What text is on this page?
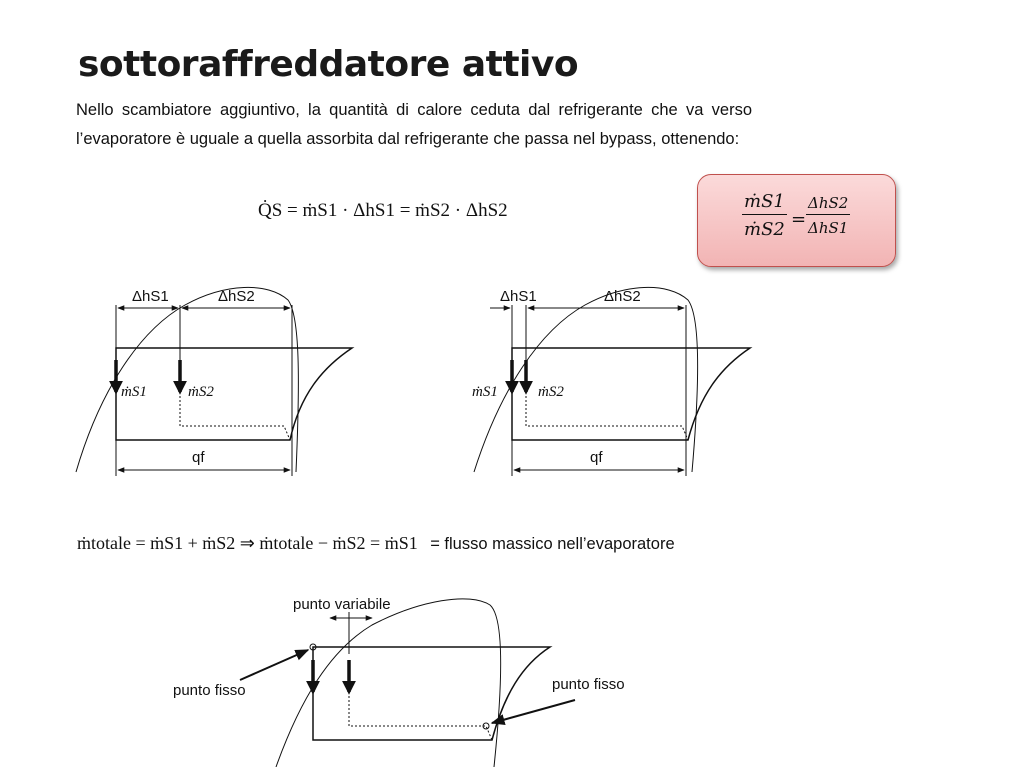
sottoraffreddatore attivo

Nello scambiatore aggiuntivo, la quantità di calore ceduta dal refrigerante che va verso l’evaporatore è uguale a quella assorbita dal refrigerante che passa nel bypass, ottenendo:

Q̇S = ṁS1 · ΔhS1 = ṁS2 · ΔhS2	$\frac{\text{ṁS1}}{\text{ṁS2}}$ =
ΔhS2
ΔhS1
ṁtotale = ṁS1 + ṁS2 ⇒ ṁtotale − ṁS2 = ṁS1 = flusso massico nell’evaporatore
ΔhS1	ΔhS2
ṁS1	ṁS2
qf
ΔhS1	ΔhS2
ṁS1	ṁS2
qf
punto variabile
punto fisso	punto fisso
